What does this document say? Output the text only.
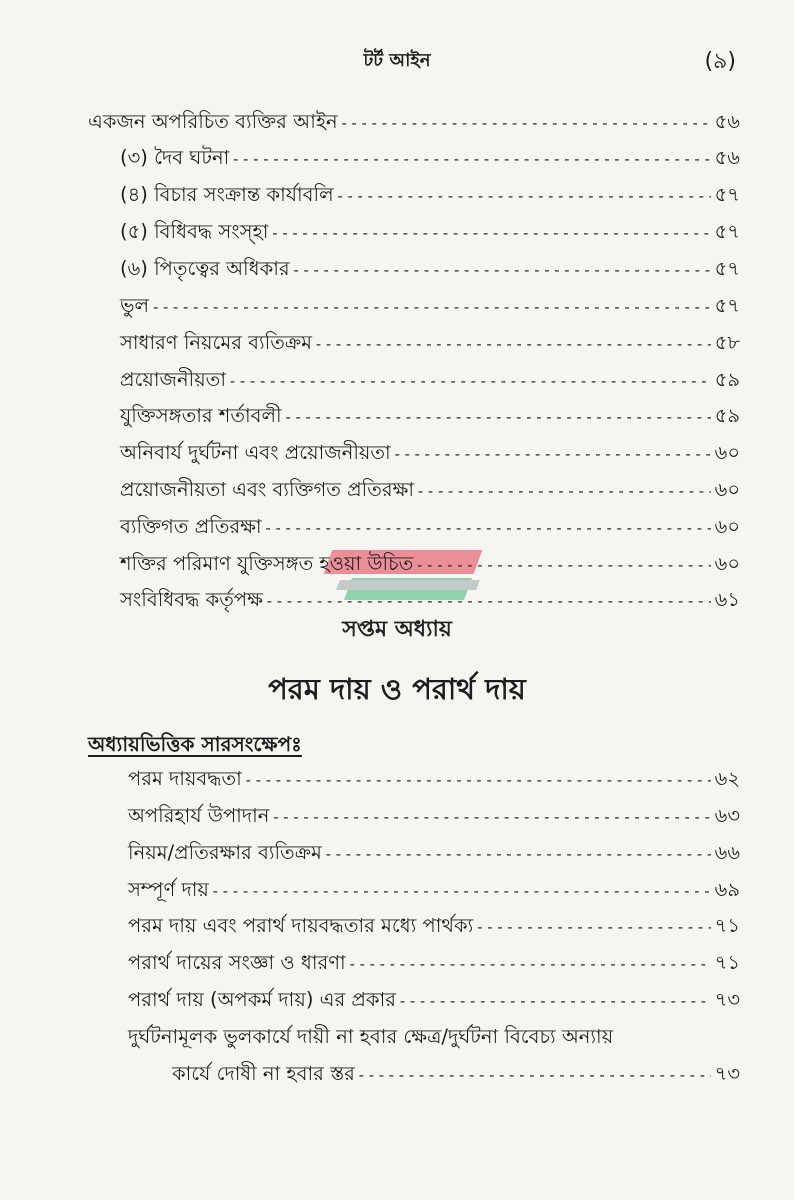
টর্ট আইন	(৯)
একজন অপরিচিত ব্যক্তির আইন -----	৫৬
(৩) দৈব ঘটনা -----	৫৬
(৪) বিচার সংক্রান্ত কার্যাবলি -----	৫৭
(৫) বিধিবদ্ধ সংস্হা -----	৫৭
(৬) পিতৃত্বের অধিকার -----	৫৭
ভুল -----	৫৭
সাধারণ নিয়মের ব্যতিক্রম -----	৫৮
প্রয়োজনীয়তা -----	৫৯
যুক্তিসঙ্গতার শর্তাবলী -----	৫৯
অনিবার্য দুর্ঘটনা এবং প্রয়োজনীয়তা -----	৬০
প্রয়োজনীয়তা এবং ব্যক্তিগত প্রতিরক্ষা -----	৬০
ব্যক্তিগত প্রতিরক্ষা -----	৬০
শক্তির পরিমাণ যুক্তিসঙ্গত হওয়া উচিত -----	৬০
সংবিধিবদ্ধ কর্তৃপক্ষ -----	৬১
সপ্তম অধ্যায়
পরম দায় ও পরার্থ দায়
অধ্যায়ভিত্তিক সারসংক্ষেপঃ
পরম দায়বদ্ধতা -----	৬২
অপরিহার্য উপাদান -----	৬৩
নিয়ম/প্রতিরক্ষার ব্যতিক্রম -----	৬৬
সম্পূর্ণ দায় -----	৬৯
পরম দায় এবং পরার্থ দায়বদ্ধতার মধ্যে পার্থক্য -----	৭১
পরার্থ দায়ের সংজ্ঞা ও ধারণা -----	৭১
পরার্থ দায় (অপকর্ম দায়) এর প্রকার -----	৭৩
দুর্ঘটনামূলক ভুলকার্যে দায়ী না হবার ক্ষেত্র/দুর্ঘটনা বিবেচ্য অন্যায়
কার্যে দোষী না হবার স্তর -----	৭৩
